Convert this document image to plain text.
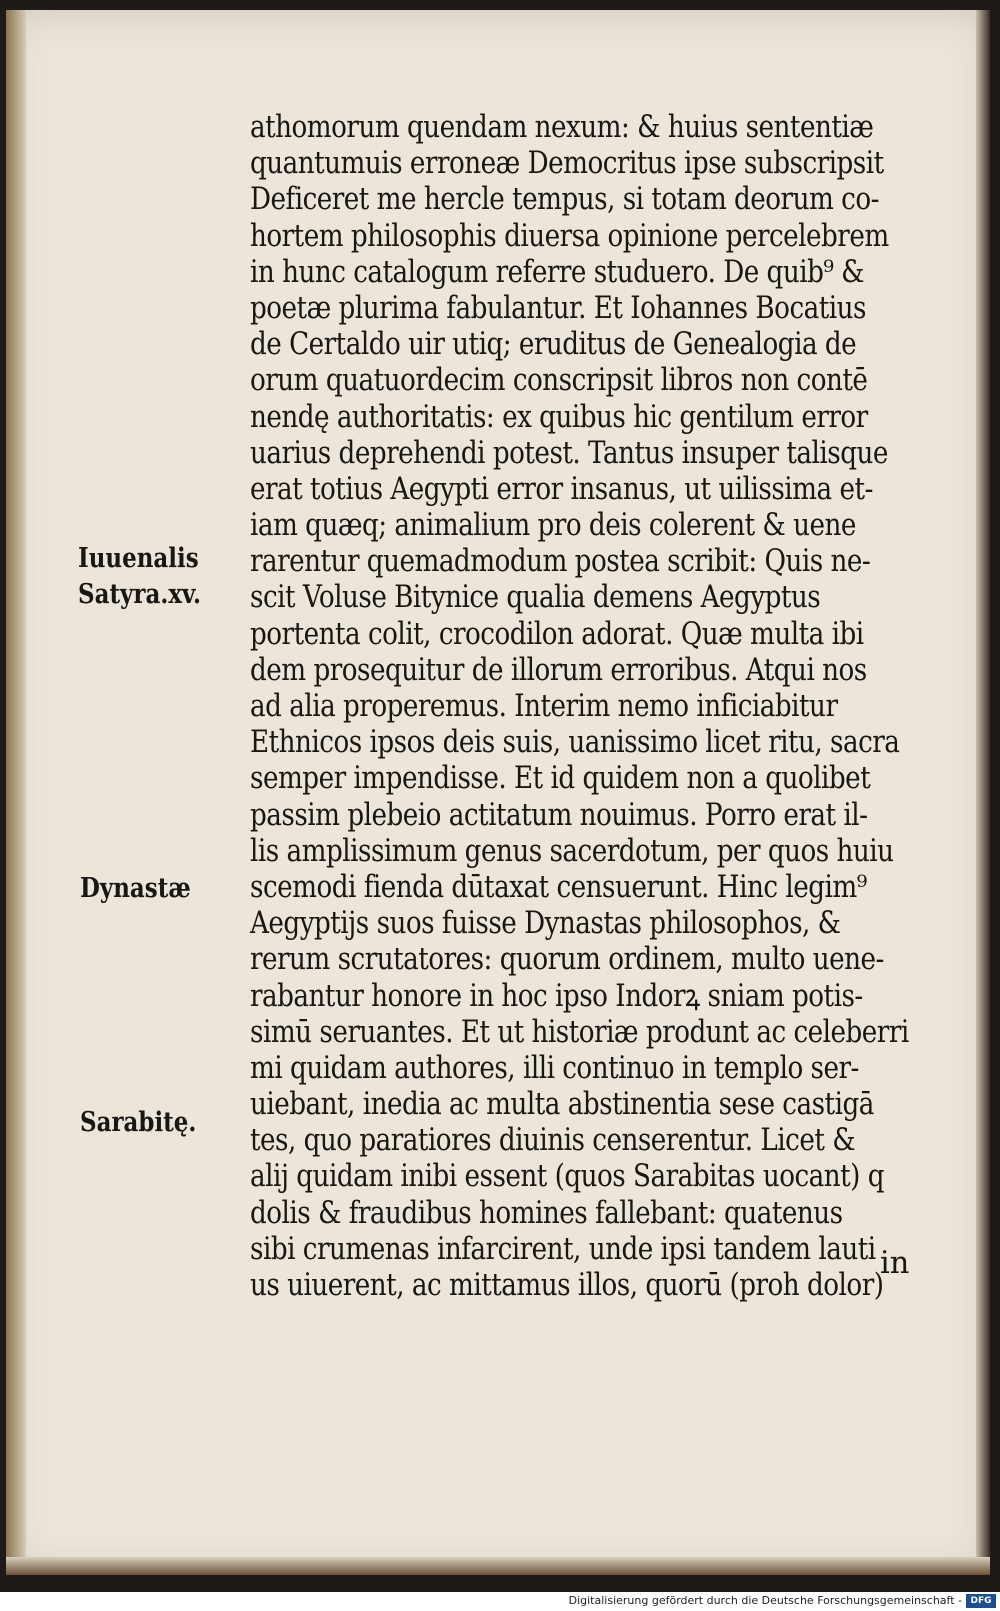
athomorum quendam nexum: & huius sententiæ
quantumuis erroneæ Democritus ipse subscripsit
Deficeret me hercle tempus, si totam deorum co-
hortem philosophis diuersa opinione percelebrem
in hunc catalogum referre studuero. De quib⁹ &
poetæ plurima fabulantur. Et Iohannes Bocatius
de Certaldo uir utiq; eruditus de Genealogia de
orum quatuordecim conscripsit libros non contē
nendę authoritatis: ex quibus hic gentilum error
uarius deprehendi potest. Tantus insuper talisque
erat totius Aegypti error insanus, ut uilissima et-
iam quæq; animalium pro deis colerent & uene
rarentur quemadmodum postea scribit: Quis ne-
scit Voluse Bitynice qualia demens Aegyptus
portenta colit, crocodilon adorat. Quæ multa ibi
dem prosequitur de illorum erroribus. Atqui nos
ad alia properemus. Interim nemo inficiabitur
Ethnicos ipsos deis suis, uanissimo licet ritu, sacra
semper impendisse. Et id quidem non a quolibet
passim plebeio actitatum nouimus. Porro erat il-
lis amplissimum genus sacerdotum, per quos huiu
scemodi fienda dūtaxat censuerunt. Hinc legim⁹
Aegyptijs suos fuisse Dynastas philosophos, &
rerum scrutatores: quorum ordinem, multo uene-
rabantur honore in hoc ipso Indorꝝ sniam potis-
simū seruantes. Et ut historiæ produnt ac celeberri
mi quidam authores, illi continuo in templo ser-
uiebant, inedia ac multa abstinentia sese castigā
tes, quo paratiores diuinis censerentur. Licet &
alij quidam inibi essent (quos Sarabitas uocant) q
dolis & fraudibus homines fallebant: quatenus
sibi crumenas infarcirent, unde ipsi tandem lauti
us uiuerent, ac mittamus illos, quorū (proh dolor)
in
Iuuenalis
Satyra.xv.
Dynastæ
Sarabitę.
Digitalisierung gefördert durch die Deutsche Forschungsgemeinschaft - DFG
